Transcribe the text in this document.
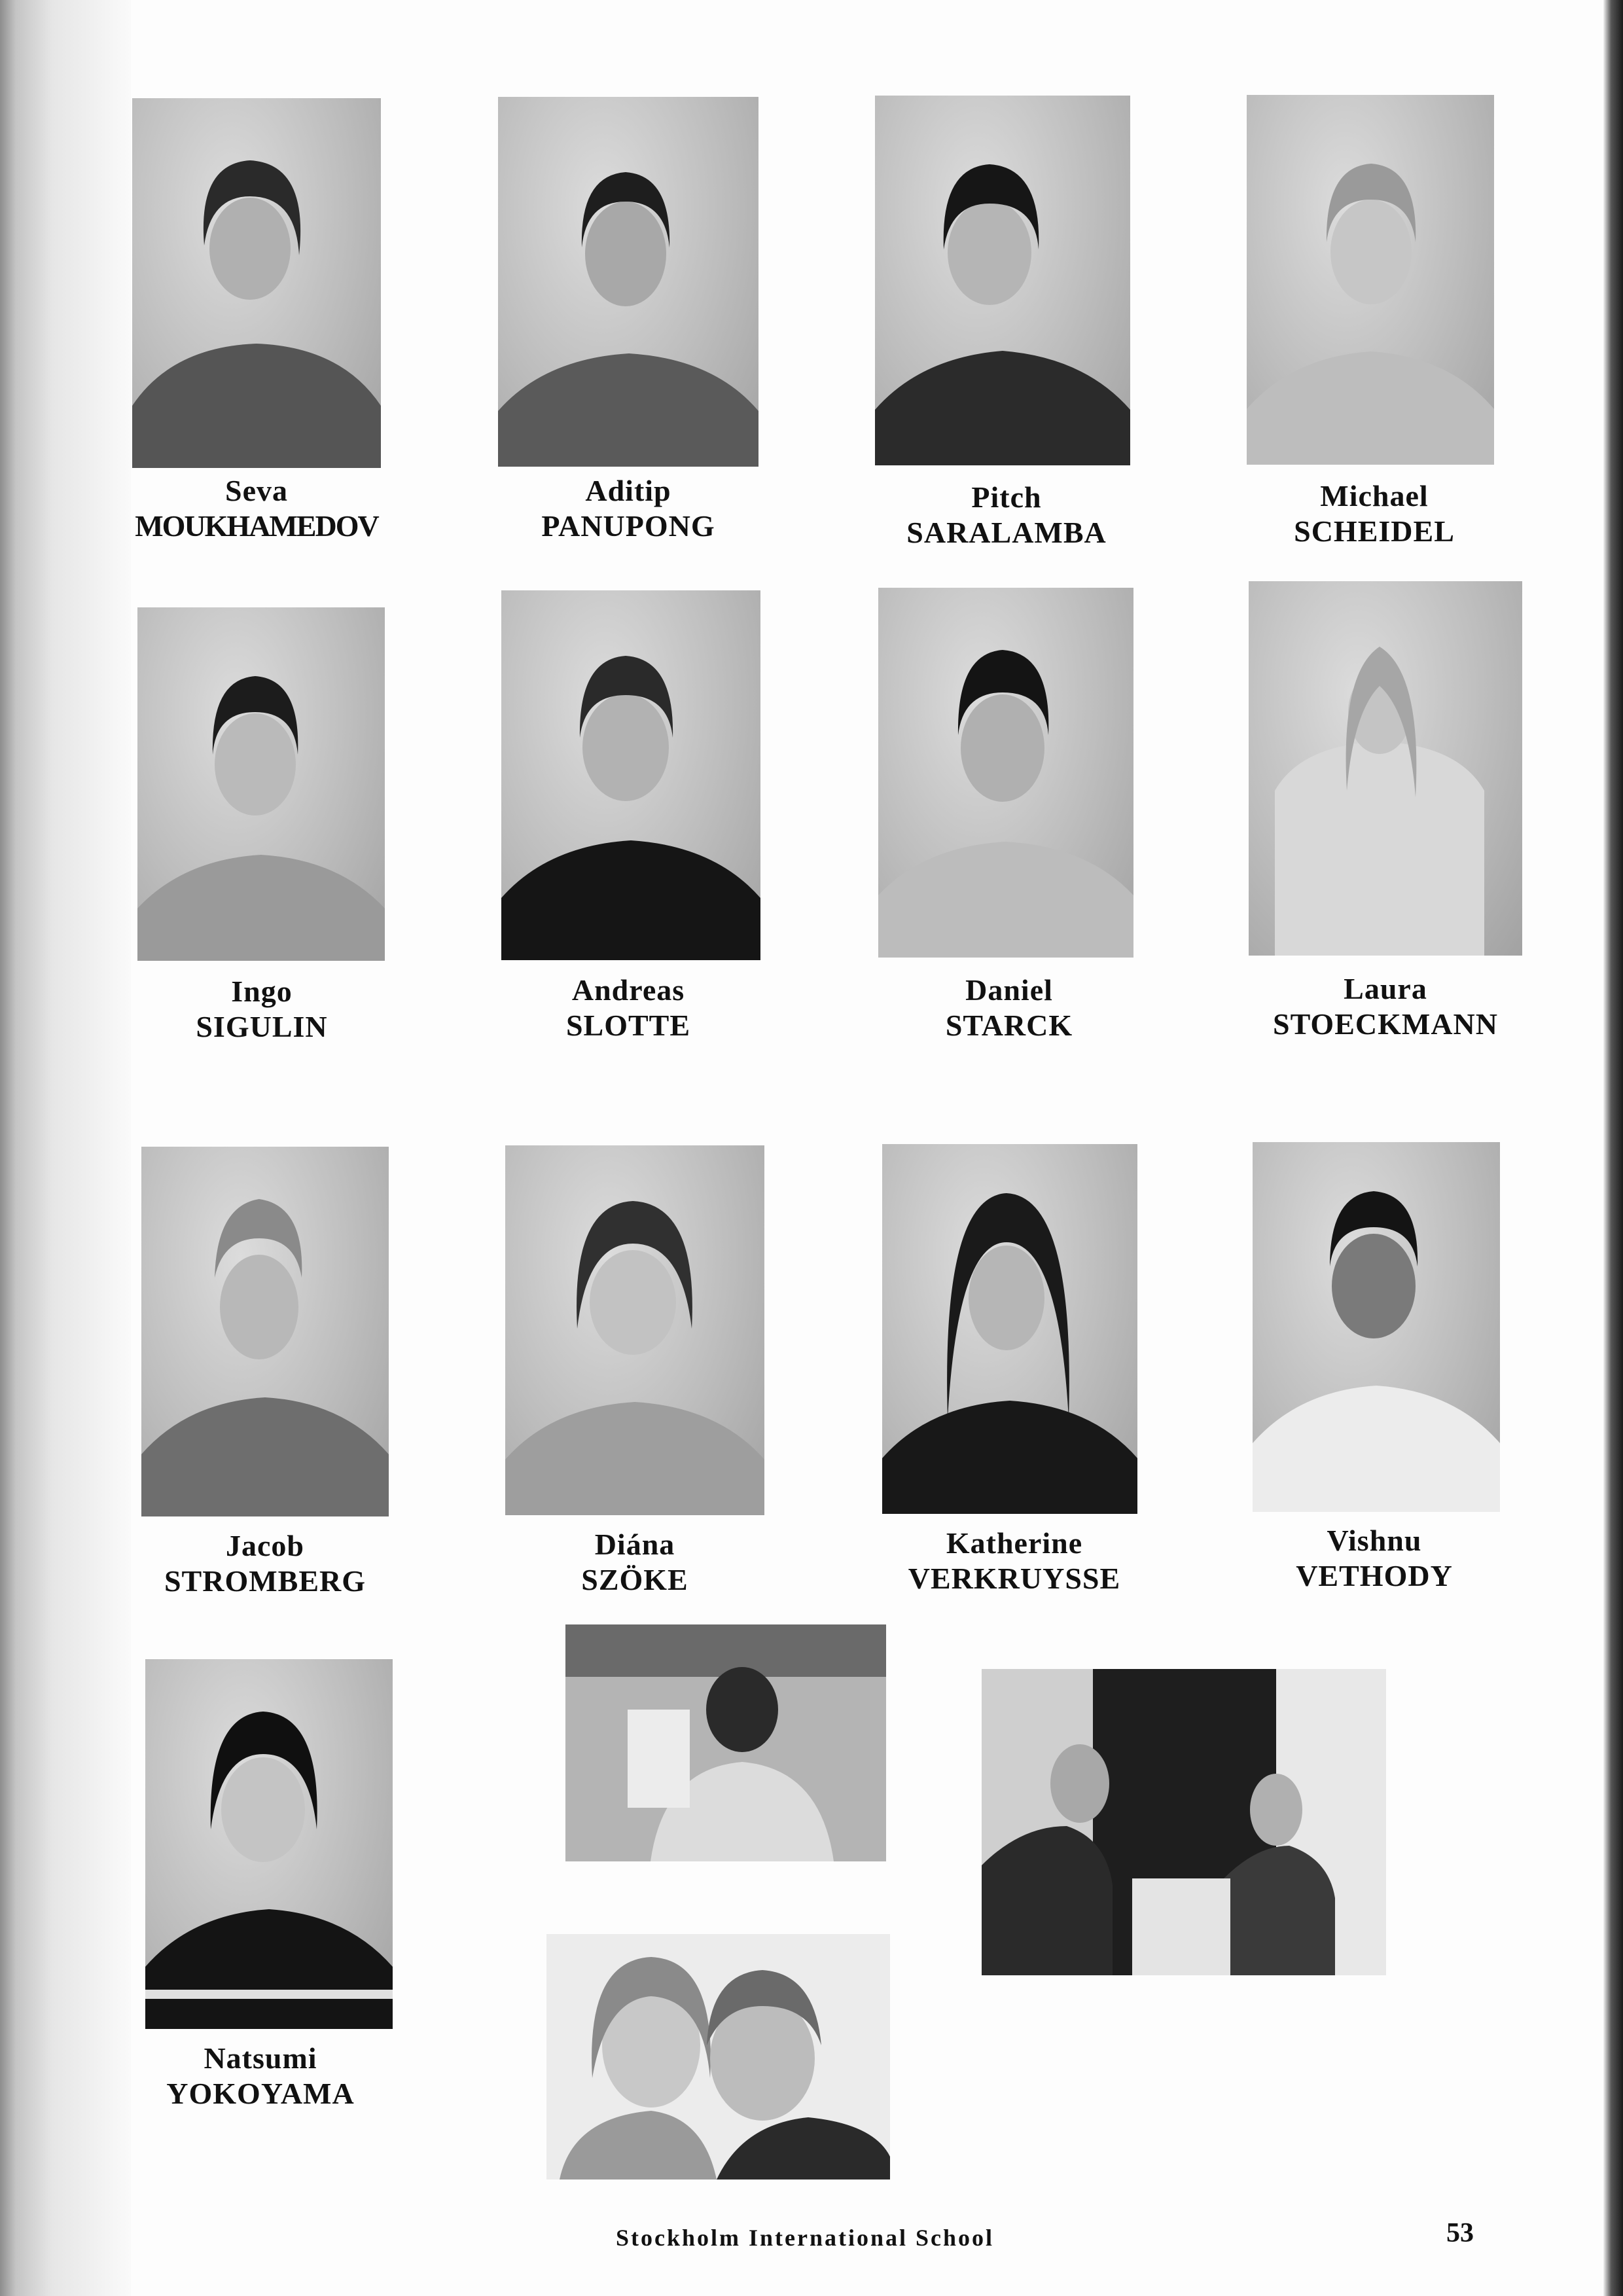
Seva
MOUKHAMEDOV
Aditip
PANUPONG
Pitch
SARALAMBA
Michael
SCHEIDEL
Ingo
SIGULIN
Andreas
SLOTTE
Daniel
STARCK
Laura
STOECKMANN
Jacob
STROMBERG
Diána
SZÖKE
Katherine
VERKRUYSSE
Vishnu
VETHODY
Natsumi
YOKOYAMA
Stockholm International School	53
